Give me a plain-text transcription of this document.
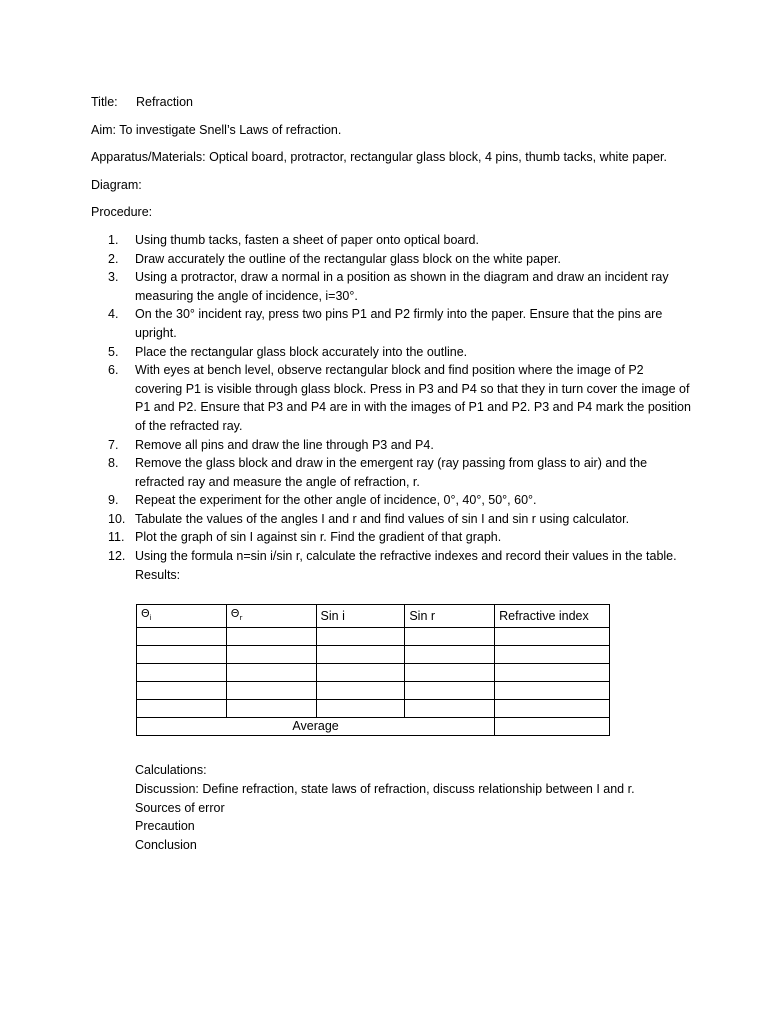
Title: Refraction
Aim: To investigate Snell’s Laws of refraction.
Apparatus/Materials: Optical board, protractor, rectangular glass block, 4 pins, thumb tacks, white paper.
Diagram:
Procedure:
1.	Using thumb tacks, fasten a sheet of paper onto optical board.
2.	Draw accurately the outline of the rectangular glass block on the white paper.
3.	Using a protractor, draw a normal in a position as shown in the diagram and draw an incident ray measuring the angle of incidence, i=30°.
4.	On the 30° incident ray, press two pins P1 and P2 firmly into the paper. Ensure that the pins are upright.
5.	Place the rectangular glass block accurately into the outline.
6.	With eyes at bench level, observe rectangular block and find position where the image of P2 covering P1 is visible through glass block. Press in P3 and P4 so that they in turn cover the image of P1 and P2. Ensure that P3 and P4 are in with the images of P1 and P2. P3 and P4 mark the position of the refracted ray.
7.	Remove all pins and draw the line through P3 and P4.
8.	Remove the glass block and draw in the emergent ray (ray passing from glass to air) and the refracted ray and measure the angle of refraction, r.
9.	Repeat the experiment for the other angle of incidence, 0°, 40°, 50°, 60°.
10. Tabulate the values of the angles I and r and find values of sin I and sin r using calculator.
11. Plot the graph of sin I against sin r. Find the gradient of that graph.
12. Using the formula n=sin i/sin r, calculate the refractive indexes and record their values in the table.
Results:
$\Theta_i$	$\Theta_r$	Sin i	Sin r	Refractive index

Average				
Calculations:
Discussion: Define refraction, state laws of refraction, discuss relationship between I and r.
Sources of error
Precaution
Conclusion
